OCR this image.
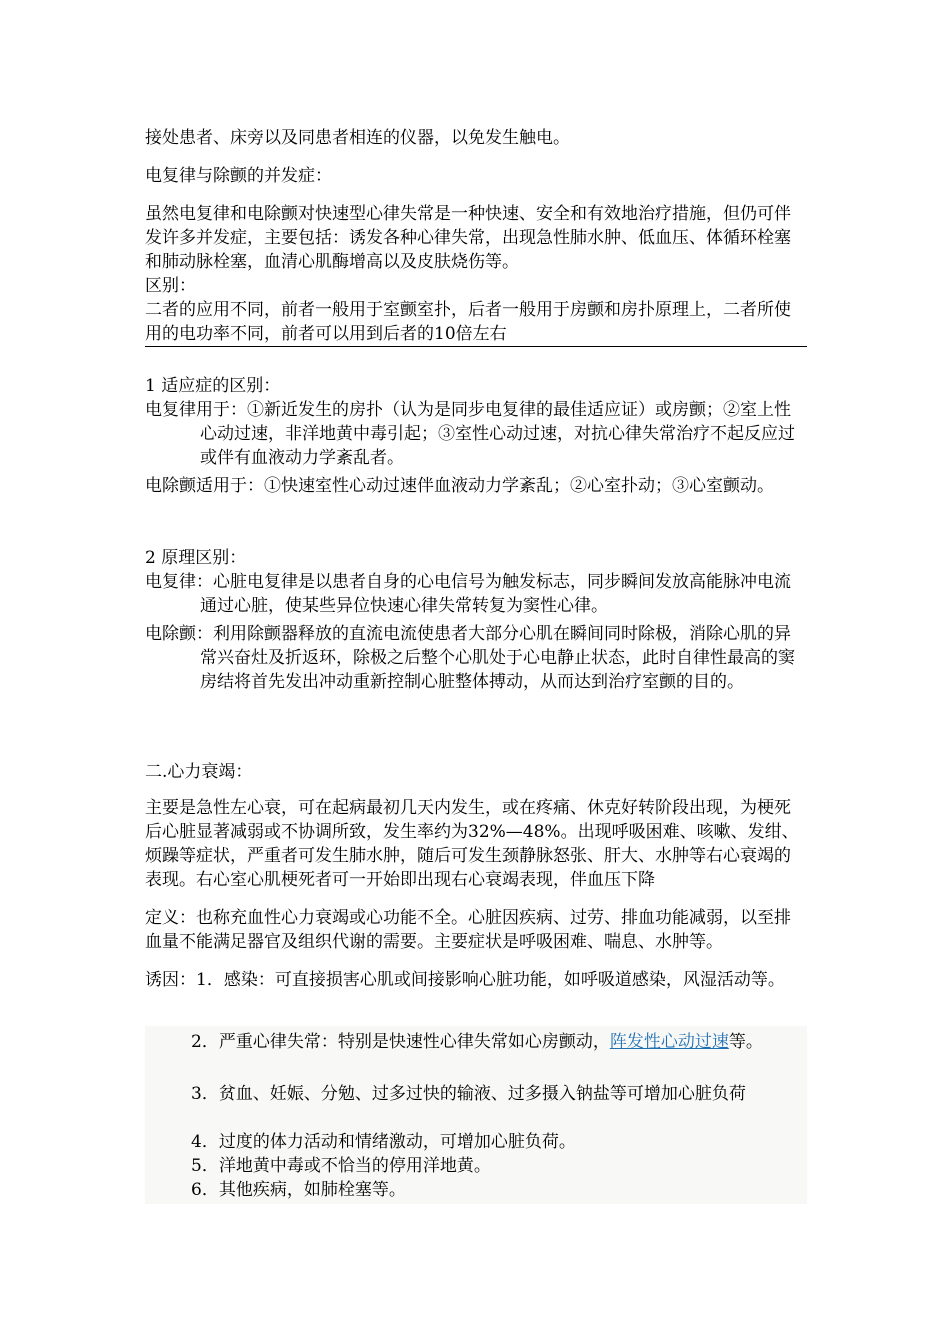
接处患者、床旁以及同患者相连的仪器，以免发生触电。

电复律与除颤的并发症：

虽然电复律和电除颤对快速型心律失常是一种快速、安全和有效地治疗措施，但仍可伴发许多并发症，主要包括：诱发各种心律失常，出现急性肺水肿、低血压、体循环栓塞和肺动脉栓塞，血清心肌酶增高以及皮肤烧伤等。

区别：

二者的应用不同，前者一般用于室颤室扑，后者一般用于房颤和房扑原理上，二者所使用的电功率不同，前者可以用到后者的10倍左右

1 适应症的区别：

电复律用于：①新近发生的房扑（认为是同步电复律的最佳适应证）或房颤；②室上性心动过速，非洋地黄中毒引起；③室性心动过速，对抗心律失常治疗不起反应过或伴有血液动力学紊乱者。

电除颤适用于：①快速室性心动过速伴血液动力学紊乱；②心室扑动；③心室颤动。

2 原理区别：

电复律：心脏电复律是以患者自身的心电信号为触发标志，同步瞬间发放高能脉冲电流通过心脏，使某些异位快速心律失常转复为窦性心律。

电除颤：利用除颤器释放的直流电流使患者大部分心肌在瞬间同时除极，消除心肌的异常兴奋灶及折返环，除极之后整个心肌处于心电静止状态，此时自律性最高的窦房结将首先发出冲动重新控制心脏整体搏动，从而达到治疗室颤的目的。

二.心力衰竭：

主要是急性左心衰，可在起病最初几天内发生，或在疼痛、休克好转阶段出现，为梗死后心脏显著减弱或不协调所致，发生率约为32%—48%。出现呼吸困难、咳嗽、发绀、烦躁等症状，严重者可发生肺水肿，随后可发生颈静脉怒张、肝大、水肿等右心衰竭的表现。右心室心肌梗死者可一开始即出现右心衰竭表现，伴血压下降

定义：也称充血性心力衰竭或心功能不全。心脏因疾病、过劳、排血功能减弱，以至排血量不能满足器官及组织代谢的需要。主要症状是呼吸困难、喘息、水肿等。

诱因：1．感染：可直接损害心肌或间接影响心脏功能，如呼吸道感染，风湿活动等。

2．严重心律失常：特别是快速性心律失常如心房颤动，阵发性心动过速等。

3．贫血、妊娠、分勉、过多过快的输液、过多摄入钠盐等可增加心脏负荷

4．过度的体力活动和情绪激动，可增加心脏负荷。

5．洋地黄中毒或不恰当的停用洋地黄。

6．其他疾病，如肺栓塞等。
